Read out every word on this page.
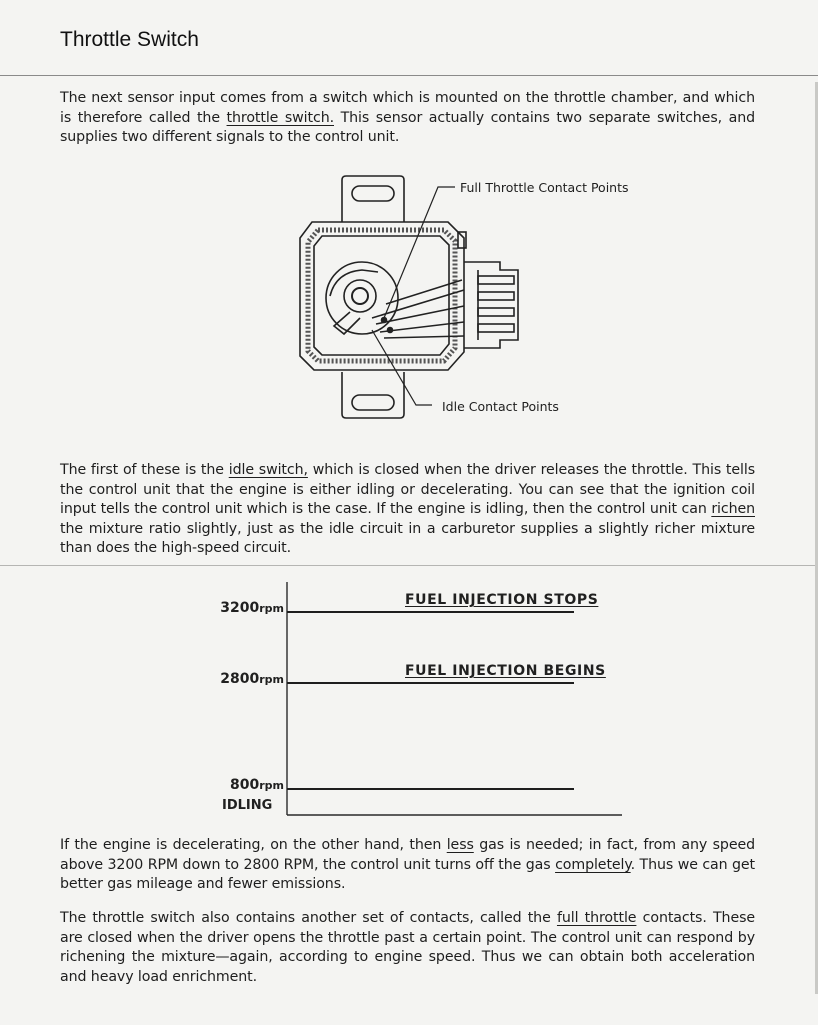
Throttle Switch
The next sensor input comes from a switch which is mounted on the throttle chamber, and which is therefore called the throttle switch. This sensor actually contains two separate switches, and supplies two different signals to the control unit.
Full Throttle Contact Points
Idle Contact Points
The first of these is the idle switch, which is closed when the driver releases the throttle. This tells the control unit that the engine is either idling or decelerating. You can see that the ignition coil input tells the control unit which is the case. If the engine is idling, then the control unit can richen the mixture ratio slightly, just as the idle circuit in a carburetor supplies a slightly richer mixture than does the high-speed circuit.
3200rpm
FUEL INJECTION STOPS
2800rpm
FUEL INJECTION BEGINS
800rpm
IDLING
If the engine is decelerating, on the other hand, then less gas is needed; in fact, from any speed above 3200 RPM down to 2800 RPM, the control unit turns off the gas completely. Thus we can get better gas mileage and fewer emissions.
The throttle switch also contains another set of contacts, called the full throttle contacts. These are closed when the driver opens the throttle past a certain point. The control unit can respond by richening the mixture—again, according to engine speed. Thus we can obtain both acceleration and heavy load enrichment.
